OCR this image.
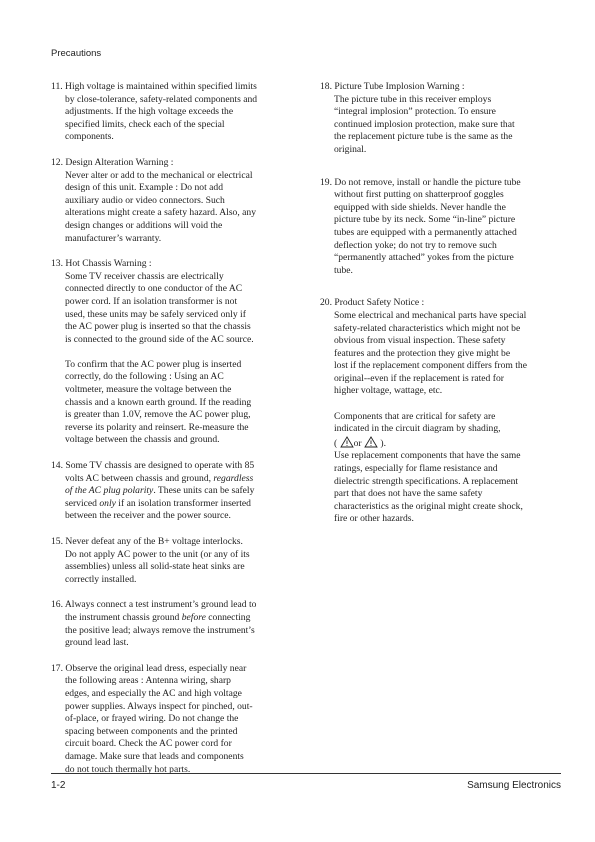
Precautions
11. High voltage is maintained within specified limits
by close-tolerance, safety-related components and
adjustments. If the high voltage exceeds the
specified limits, check each of the special
components.
12. Design Alteration Warning :
Never alter or add to the mechanical or electrical
design of this unit. Example : Do not add
auxiliary audio or video connectors. Such
alterations might create a safety hazard. Also, any
design changes or additions will void the
manufacturer’s warranty.
13. Hot Chassis Warning :
Some TV receiver chassis are electrically
connected directly to one conductor of the AC
power cord. If an isolation transformer is not
used, these units may be safely serviced only if
the AC power plug is inserted so that the chassis
is connected to the ground side of the AC source.
To confirm that the AC power plug is inserted
correctly, do the following : Using an AC
voltmeter, measure the voltage between the
chassis and a known earth ground. If the reading
is greater than 1.0V, remove the AC power plug,
reverse its polarity and reinsert. Re-measure the
voltage between the chassis and ground.
14. Some TV chassis are designed to operate with 85
volts AC between chassis and ground, regardless
of the AC plug polarity. These units can be safely
serviced only if an isolation transformer inserted
between the receiver and the power source.
15. Never defeat any of the B+ voltage interlocks.
Do not apply AC power to the unit (or any of its
assemblies) unless all solid-state heat sinks are
correctly installed.
16. Always connect a test instrument’s ground lead to
the instrument chassis ground before connecting
the positive lead; always remove the instrument’s
ground lead last.
17. Observe the original lead dress, especially near
the following areas : Antenna wiring, sharp
edges, and especially the AC and high voltage
power supplies. Always inspect for pinched, out-
of-place, or frayed wiring. Do not change the
spacing between components and the printed
circuit board. Check the AC power cord for
damage. Make sure that leads and components
do not touch thermally hot parts.
18. Picture Tube Implosion Warning :
The picture tube in this receiver employs
“integral implosion” protection. To ensure
continued implosion protection, make sure that
the replacement picture tube is the same as the
original.
19. Do not remove, install or handle the picture tube
without first putting on shatterproof goggles
equipped with side shields. Never handle the
picture tube by its neck. Some “in-line” picture
tubes are equipped with a permanently attached
deflection yoke; do not try to remove such
“permanently attached” yokes from the picture
tube.
20. Product Safety Notice :
Some electrical and mechanical parts have special
safety-related characteristics which might not be
obvious from visual inspection. These safety
features and the protection they give might be
lost if the replacement component differs from the
original--even if the replacement is rated for
higher voltage, wattage, etc.
Components that are critical for safety are
indicated in the circuit diagram by shading,
( or  ).
Use replacement components that have the same
ratings, especially for flame resistance and
dielectric strength specifications. A replacement
part that does not have the same safety
characteristics as the original might create shock,
fire or other hazards.
1-2	Samsung Electronics
